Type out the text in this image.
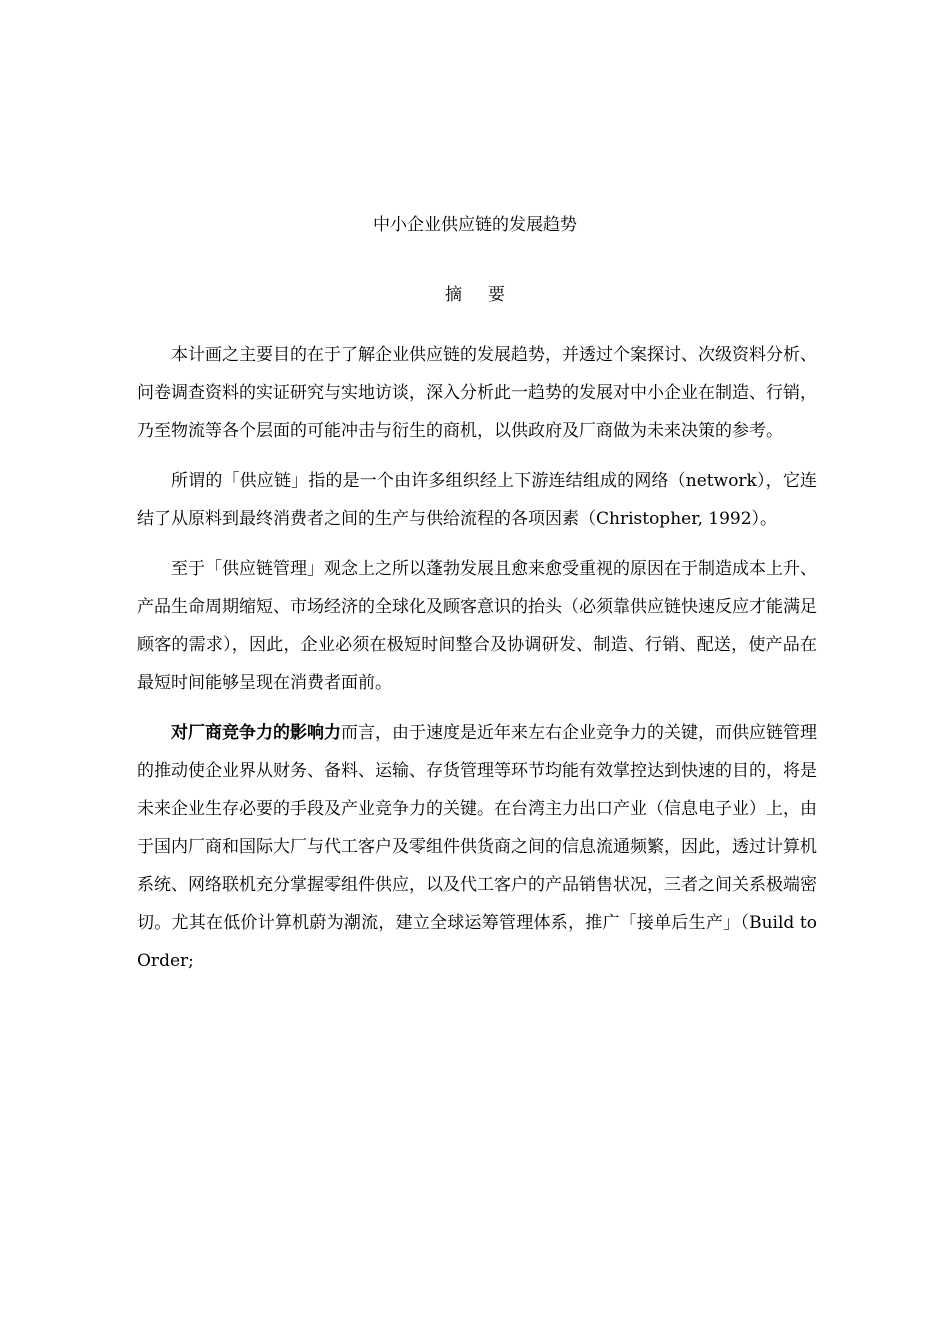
中小企业供应链的发展趋势
摘要

本计画之主要目的在于了解企业供应链的发展趋势，并透过个案探讨、次级资料分析、问卷调查资料的实证研究与实地访谈，深入分析此一趋势的发展对中小企业在制造、行销，乃至物流等各个层面的可能冲击与衍生的商机，以供政府及厂商做为未来决策的参考。

所谓的「供应链」指的是一个由许多组织经上下游连结组成的网络（network），它连结了从原料到最终消费者之间的生产与供给流程的各项因素（Christopher, 1992）。

至于「供应链管理」观念上之所以蓬勃发展且愈来愈受重视的原因在于制造成本上升、产品生命周期缩短、市场经济的全球化及顾客意识的抬头（必须靠供应链快速反应才能满足顾客的需求），因此，企业必须在极短时间整合及协调研发、制造、行销、配送，使产品在最短时间能够呈现在消费者面前。

对厂商竞争力的影响力而言，由于速度是近年来左右企业竞争力的关键，而供应链管理的推动使企业界从财务、备料、运输、存货管理等环节均能有效掌控达到快速的目的，将是未来企业生存必要的手段及产业竞争力的关键。在台湾主力出口产业（信息电子业）上，由于国内厂商和国际大厂与代工客户及零组件供货商之间的信息流通频繁，因此，透过计算机系统、网络联机充分掌握零组件供应，以及代工客户的产品销售状况，三者之间关系极端密切。尤其在低价计算机蔚为潮流，建立全球运筹管理体系，推广「接单后生产」（Build to Order;
